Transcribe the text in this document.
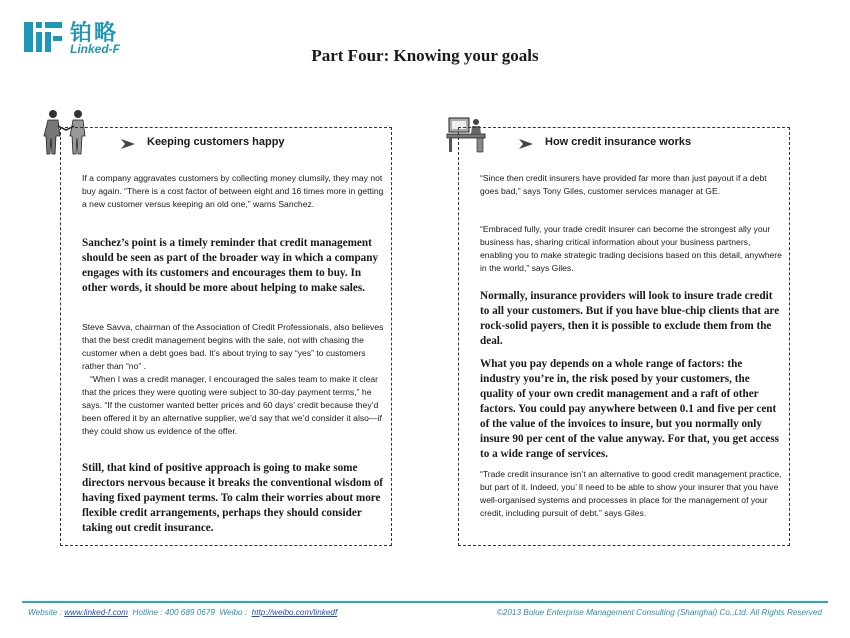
铂略
Linked-F	Part Four: Knowing your goals
Keeping customers happy

If a company aggravates customers by collecting money clumsily, they may not buy again. “There is a cost factor of between eight and 16 times more in getting a new customer versus keeping an old one,” warns Sanchez.

Sanchez’s point is a timely reminder that credit management should be seen as part of the broader way in which a company engages with its customers and encourages them to buy. In other words, it should be more about helping to make sales.

Steve Savva, chairman of the Association of Credit Professionals, also believes that the best credit management begins with the sale, not with chasing the customer when a debt goes bad. It’s about trying to say “yes” to customers rather than “no” .

“When I was a credit manager, I encouraged the sales team to make it clear that the prices they were quoting were subject to 30-day payment terms,” he says. “If the customer wanted better prices and 60 days’ credit because they’d been offered it by an alternative supplier, we’d say that we’d consider it also—if they could show us evidence of the offer.

Still, that kind of positive approach is going to make some directors nervous because it breaks the conventional wisdom of having fixed payment terms. To calm their worries about more flexible credit arrangements, perhaps they should consider taking out credit insurance.

How credit insurance works

“Since then credit insurers have provided far more than just payout if a debt goes bad,” says Tony Giles, customer services manager at GE.

“Embraced fully, your trade credit insurer can become the strongest ally your business has, sharing critical information about your business partners, enabling you to make strategic trading decisions based on this detail, anywhere in the world,” says Giles.

Normally, insurance providers will look to insure trade credit to all your customers. But if you have blue-chip clients that are rock-solid payers, then it is possible to exclude them from the deal.

What you pay depends on a whole range of factors: the industry you’re in, the risk posed by your customers, the quality of your own credit management and a raft of other factors. You could pay anywhere between 0.1 and five per cent of the value of the invoices to insure, but you normally only insure 90 per cent of the value anyway. For that, you get access to a wide range of services.

“Trade credit insurance isn’t an alternative to good credit management practice, but part of it. Indeed, you’ ll need to be able to show your insurer that you have well-organised systems and processes in place for the management of your credit, including pursuit of debt.” says Giles.

Website : www.linked-f.com Hotline : 400 689 0679 Weibo :  http://weibo.com/linkedf	©2013 Bolue Enterprise Management Consulting (Shanghai) Co.,Ltd. All Rights Reserved
